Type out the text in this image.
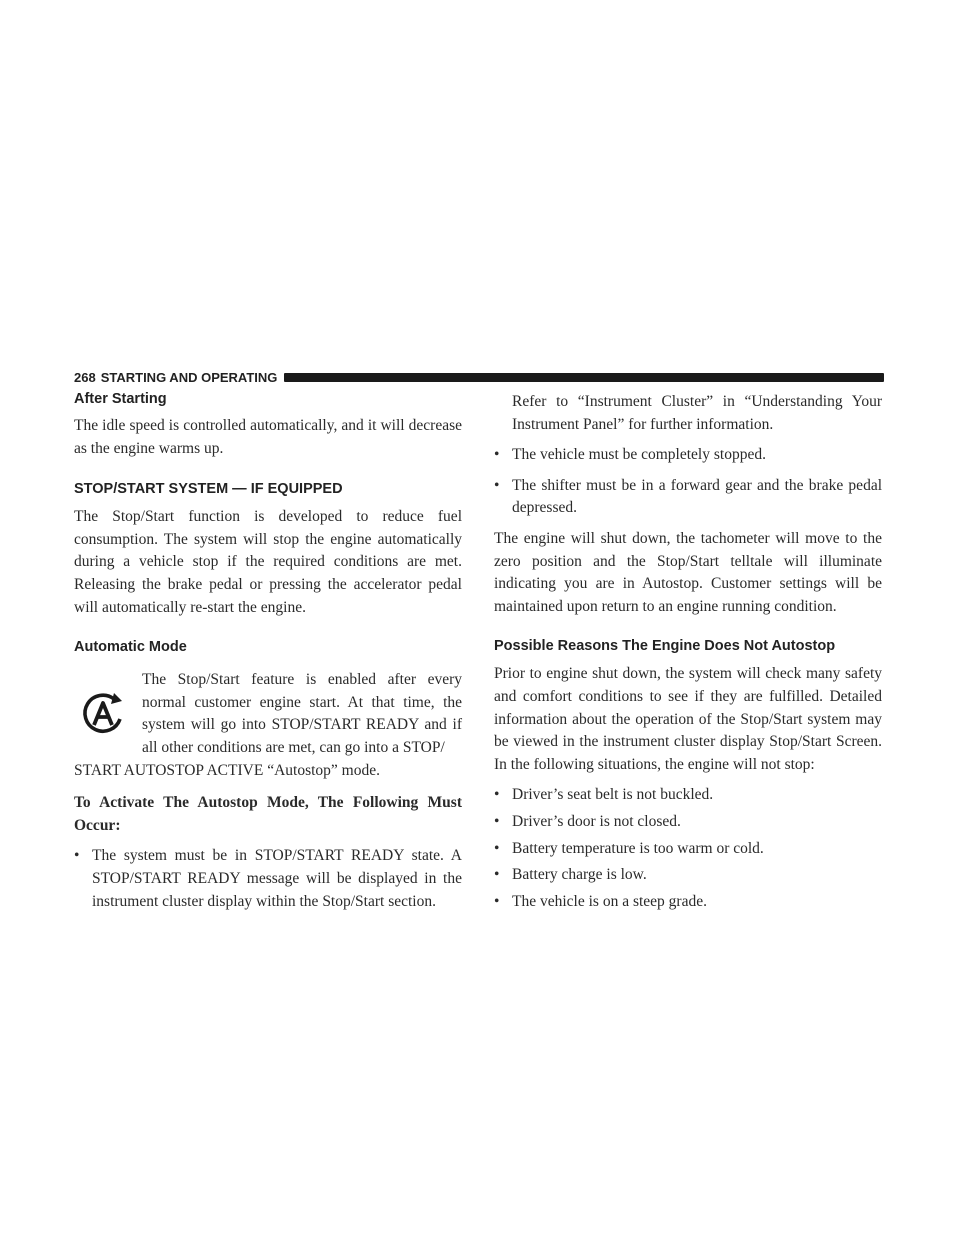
268 STARTING AND OPERATING
After Starting

The idle speed is controlled automatically, and it will decrease as the engine warms up.

STOP/START SYSTEM — IF EQUIPPED

The Stop/Start function is developed to reduce fuel consumption. The system will stop the engine automatically during a vehicle stop if the required conditions are met. Releasing the brake pedal or pressing the accelerator pedal will automatically re-start the engine.

Automatic Mode

The Stop/Start feature is enabled after every normal customer engine start. At that time, the system will go into STOP/START READY and if all other conditions are met, can go into a STOP/

START AUTOSTOP ACTIVE “Autostop” mode.

To Activate The Autostop Mode, The Following Must Occur:

• The system must be in STOP/START READY state. A STOP/START READY message will be displayed in the instrument cluster display within the Stop/Start section.

Refer to “Instrument Cluster” in “Understanding Your Instrument Panel” for further information.

• The vehicle must be completely stopped.
• The shifter must be in a forward gear and the brake pedal depressed.

The engine will shut down, the tachometer will move to the zero position and the Stop/Start telltale will illuminate indicating you are in Autostop. Customer settings will be maintained upon return to an engine running condition.

Possible Reasons The Engine Does Not Autostop

Prior to engine shut down, the system will check many safety and comfort conditions to see if they are fulfilled. Detailed information about the operation of the Stop/Start system may be viewed in the instrument cluster display Stop/Start Screen. In the following situations, the engine will not stop:

• Driver’s seat belt is not buckled.
• Driver’s door is not closed.
• Battery temperature is too warm or cold.
• Battery charge is low.
• The vehicle is on a steep grade.
